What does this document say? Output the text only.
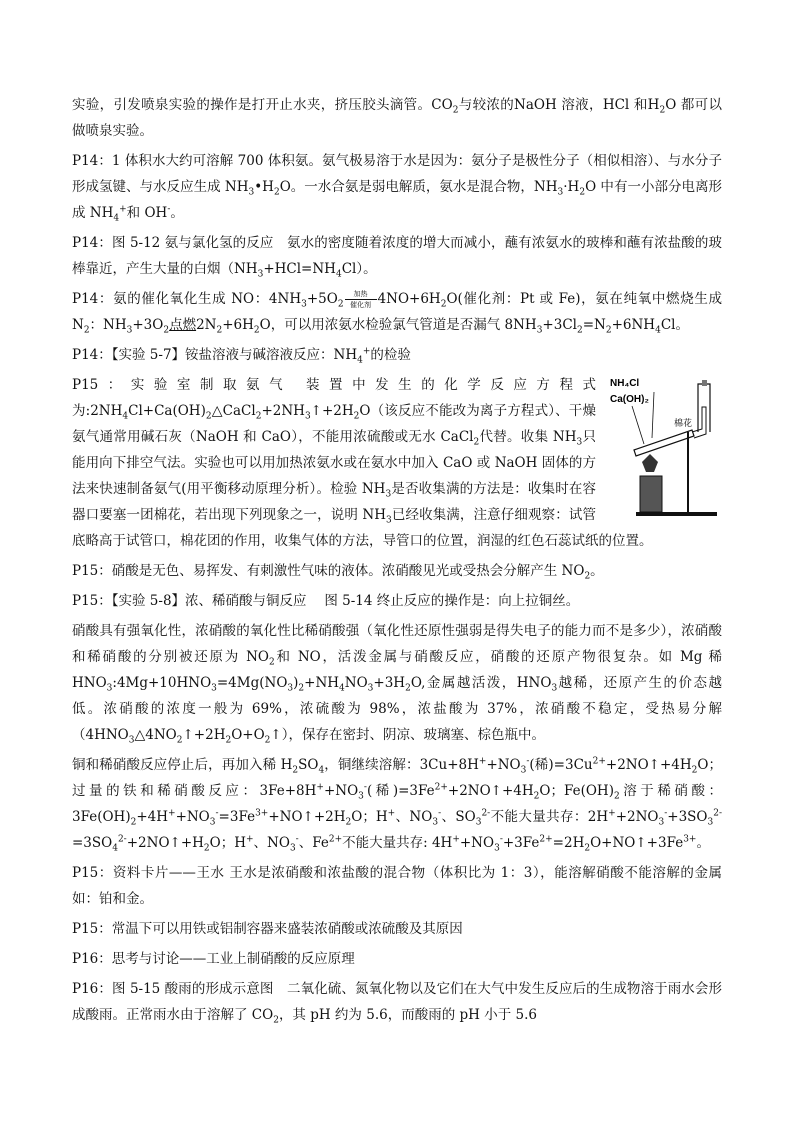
实验，引发喷泉实验的操作是打开止水夹，挤压胶头滴管。$CO_2$与较浓的NaOH 溶液，HCl 和$H_2O$ 都可以做喷泉实验。

P14：1 体积水大约可溶解 700 体积氨。氨气极易溶于水是因为：氨分子是极性分子（相似相溶）、与水分子形成氢键、与水反应生成 $NH_3•H_2O$。一水合氨是弱电解质，氨水是混合物，$NH_3\cdot H_2O$ 中有一小部分电离形成 $NH_4^+$和 OH-。

P14：图 5-12 氨与氯化氢的反应　氨水的密度随着浓度的增大而减小，蘸有浓氨水的玻棒和蘸有浓盐酸的玻棒靠近，产生大量的白烟$(NH_3+HCl=NH_4Cl)$。

P14：氨的催化氧化生成 NO：$4NH_3+5O_2$
加热
催化剂 $4NO+6H_2O$(催化剂：Pt 或 Fe)，氨在纯氧中燃烧生成 $N_2$：$NH_3+3O_2$点燃$2N_2+6H_2O$，可以用浓氨水检验氯气管道是否漏气 $8NH_3+3Cl_2=N_2+6NH_4Cl$。

P14：【实验 5-7】铵盐溶液与碱溶液反应：$NH_4^+$的检验

NH₄Cl
Ca(OH)₂
棉花
P15：实验室制取氨气 装置中发生的化学反应方程式为$:2NH_4Cl+Ca(OH)_2\triangle CaCl_2+2NH_3↑+2H_2O$（该反应不能改为离子方程式）、干燥氨气通常用碱石灰（NaOH 和 CaO），不能用浓硫酸或无水 CaCl$_2$代替。收集 $NH_3$只能用向下排空气法。实验也可以用加热浓氨水或在氨水中加入 CaO 或 NaOH 固体的方法来快速制备氨气(用平衡移动原理分析）。检验 $NH_3$是否收集满的方法是：收集时在容器口要塞一团棉花，若出现下列现象之一，说明 $NH_3$已经收集满，注意仔细观察：试管底略高于试管口，棉花团的作用，收集气体的方法，导管口的位置，润湿的红色石蕊试纸的位置。

P15：硝酸是无色、易挥发、有刺激性气味的液体。浓硝酸见光或受热会分解产生 $NO_2$。

P15：【实验 5-8】浓、稀硝酸与铜反应　 图 5-14 终止反应的操作是：向上拉铜丝。

硝酸具有强氧化性，浓硝酸的氧化性比稀硝酸强（氧化性还原性强弱是得失电子的能力而不是多少），浓硝酸和稀硝酸的分别被还原为 $NO_2$和 NO，活泼金属与硝酸反应，硝酸的还原产物很复杂。如 Mg 稀 $HNO_3:4Mg+10HNO_3=4Mg(NO_3)_2+NH_4NO_3+3H_2O$,金属越活泼，$HNO_3$越稀，还原产生的价态越低。浓硝酸的浓度一般为 69%，浓硫酸为 98%，浓盐酸为 37%，浓硝酸不稳定，受热易分解$(4HNO_3\triangle 4NO_2↑+2H_2O+O_2↑)$，保存在密封、阴凉、玻璃塞、棕色瓶中。

铜和稀硝酸反应停止后，再加入稀 $H_2SO_4$，铜继续溶解：$3Cu+8H^++NO_3^-$(稀)$=3Cu^{2+}+2NO↑+4H_2O$；过量的铁和稀硝酸反应：$3Fe+8H^++NO_3^-$(稀)$=3Fe^{2+}+2NO↑+4H_2O$；$Fe(OH)_2$溶于稀硝酸：$3Fe(OH)_2+4H^++NO_3^-=3Fe^{3+}+NO↑+2H_2O$；H+、$NO_3^-$、$SO_3^{2-}$不能大量共存：$2H^++2NO_3^-+3SO_3^{2-}=3SO_4^{2-}+2NO↑+H_2O$；H+、$NO_3^-$、$Fe^{2+}$不能大量共存: $4H^++NO_3^-+3Fe^{2+}=2H_2O+NO↑+3Fe^{3+}$。

P15：资料卡片——王水 王水是浓硝酸和浓盐酸的混合物（体积比为 1：3），能溶解硝酸不能溶解的金属如：铂和金。

P15：常温下可以用铁或铝制容器来盛装浓硝酸或浓硫酸及其原因

P16：思考与讨论——工业上制硝酸的反应原理

P16：图 5-15 酸雨的形成示意图　二氧化硫、氮氧化物以及它们在大气中发生反应后的生成物溶于雨水会形成酸雨。正常雨水由于溶解了 $CO_2$，其 pH 约为 5.6，而酸雨的 pH 小于 5.6
